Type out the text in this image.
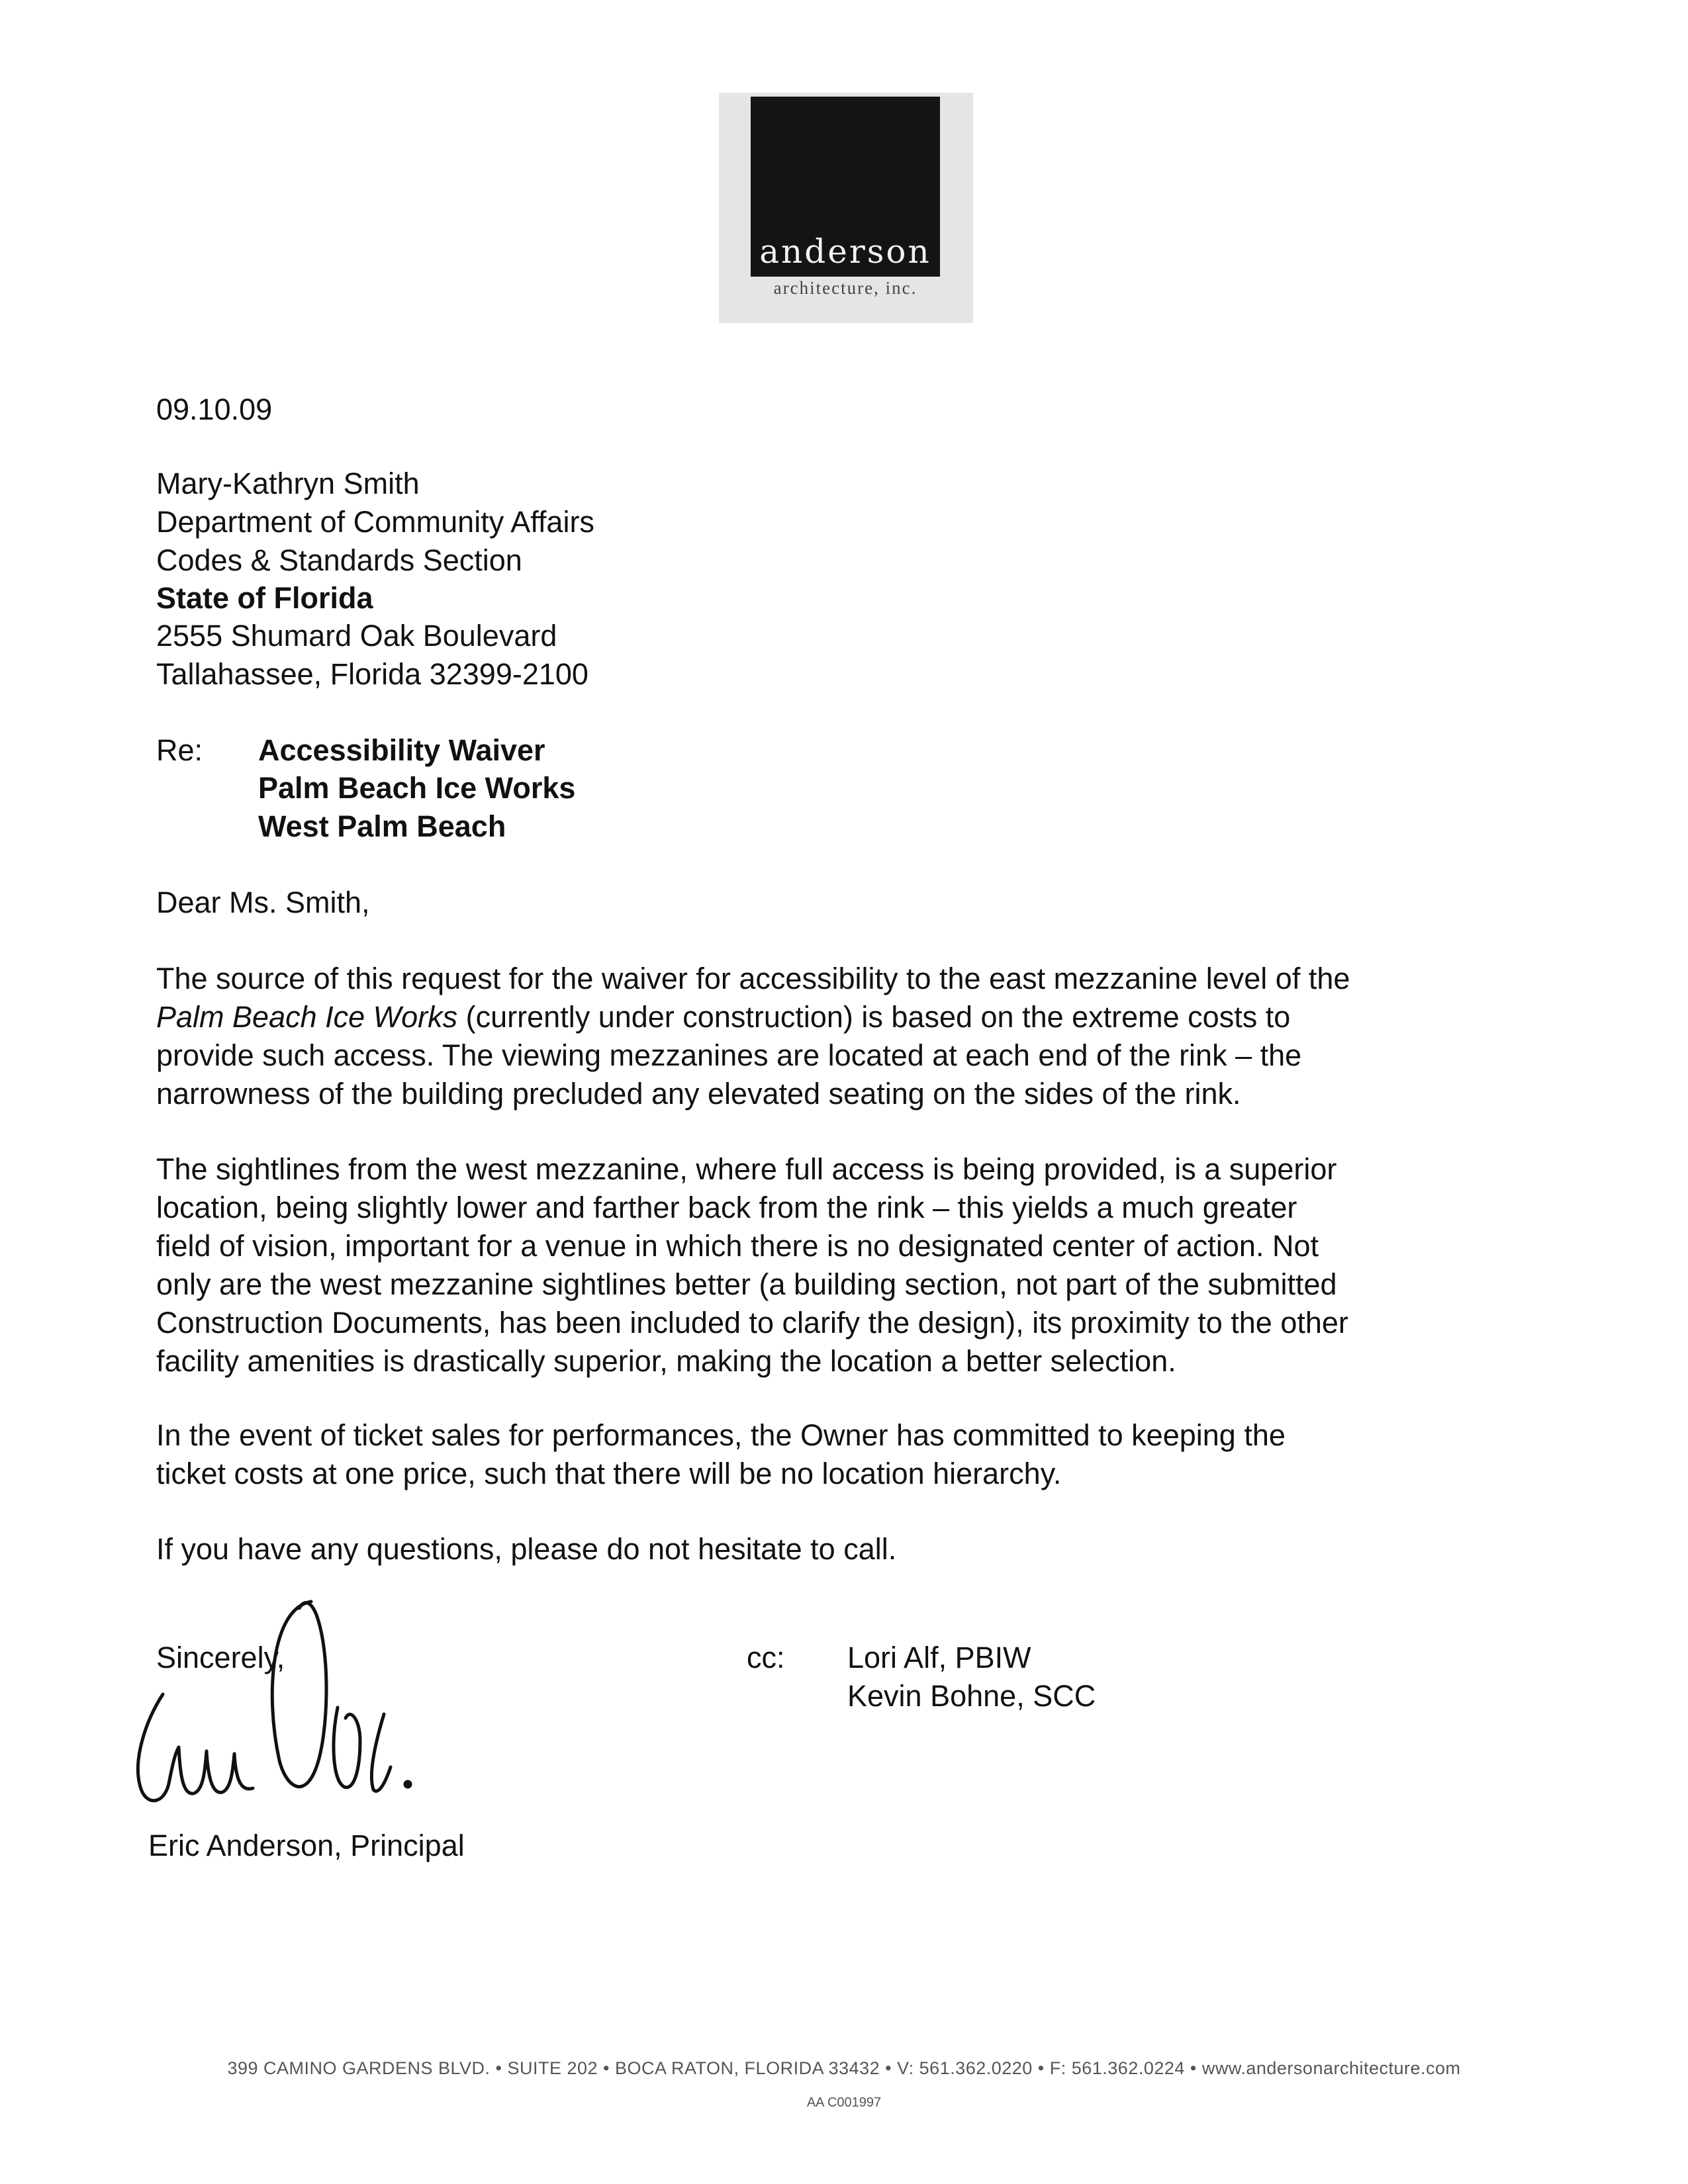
anderson
architecture, inc.
09.10.09
Mary-Kathryn Smith
Department of Community Affairs
Codes & Standards Section
State of Florida
2555 Shumard Oak Boulevard
Tallahassee, Florida 32399-2100
Re: Accessibility Waiver
Palm Beach Ice Works
West Palm Beach
Dear Ms. Smith,
The source of this request for the waiver for accessibility to the east mezzanine level of the
Palm Beach Ice Works (currently under construction) is based on the extreme costs to
provide such access. The viewing mezzanines are located at each end of the rink – the
narrowness of the building precluded any elevated seating on the sides of the rink.
The sightlines from the west mezzanine, where full access is being provided, is a superior
location, being slightly lower and farther back from the rink – this yields a much greater
field of vision, important for a venue in which there is no designated center of action. Not
only are the west mezzanine sightlines better (a building section, not part of the submitted
Construction Documents, has been included to clarify the design), its proximity to the other
facility amenities is drastically superior, making the location a better selection.
In the event of ticket sales for performances, the Owner has committed to keeping the
ticket costs at one price, such that there will be no location hierarchy.
If you have any questions, please do not hesitate to call.
Sincerely,
Eric Anderson, Principal
cc: Lori Alf, PBIW
Kevin Bohne, SCC
399 CAMINO GARDENS BLVD. • SUITE 202 • BOCA RATON, FLORIDA 33432 • V: 561.362.0220 • F: 561.362.0224 • www.andersonarchitecture.com
AA C001997
